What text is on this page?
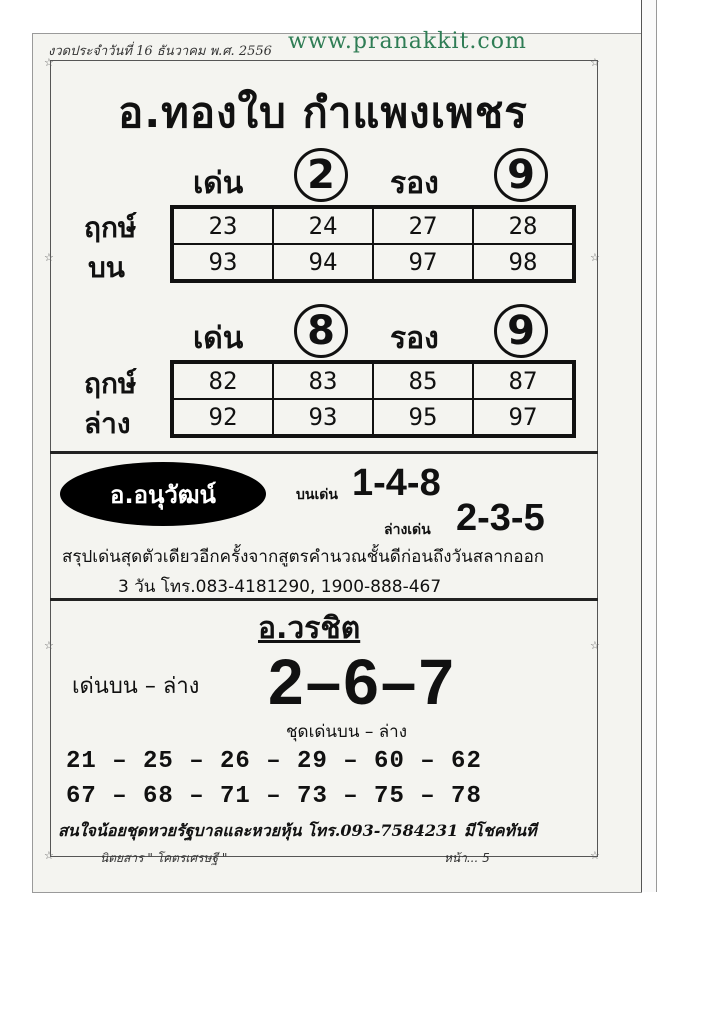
งวดประจำวันที่ 16 ธันวาคม พ.ศ. 2556 www.pranakkit.com
☆	☆
☆	☆
☆	☆
☆	☆
อ.ทองใบ กำแพงเพชร
เด่น	2	รอง	9
ฤกษ์
บน
23	24	27	28
93	94	97	98
เด่น	8	รอง	9
ฤกษ์
ล่าง
82	83	85	87
92	93	95	97
อ.อนุวัฒน์	บนเด่น 1-4-8
ล่างเด่น 2-3-5
สรุปเด่นสุดตัวเดียวอีกครั้งจากสูตรคำนวณชั้นดีก่อนถึงวันสลากออก
3 วัน โทร.083-4181290, 1900-888-467
อ.วรชิต
เด่นบน – ล่าง 2–6–7
ชุดเด่นบน – ล่าง
21 – 25 – 26 – 29 – 60 – 62
67 – 68 – 71 – 73 – 75 – 78
สนใจน้อยชุดหวยรัฐบาลและหวยหุ้น โทร.093-7584231 มีโชคทันที
นิตยสาร " โคตรเศรษฐี "	หน้า... 5
